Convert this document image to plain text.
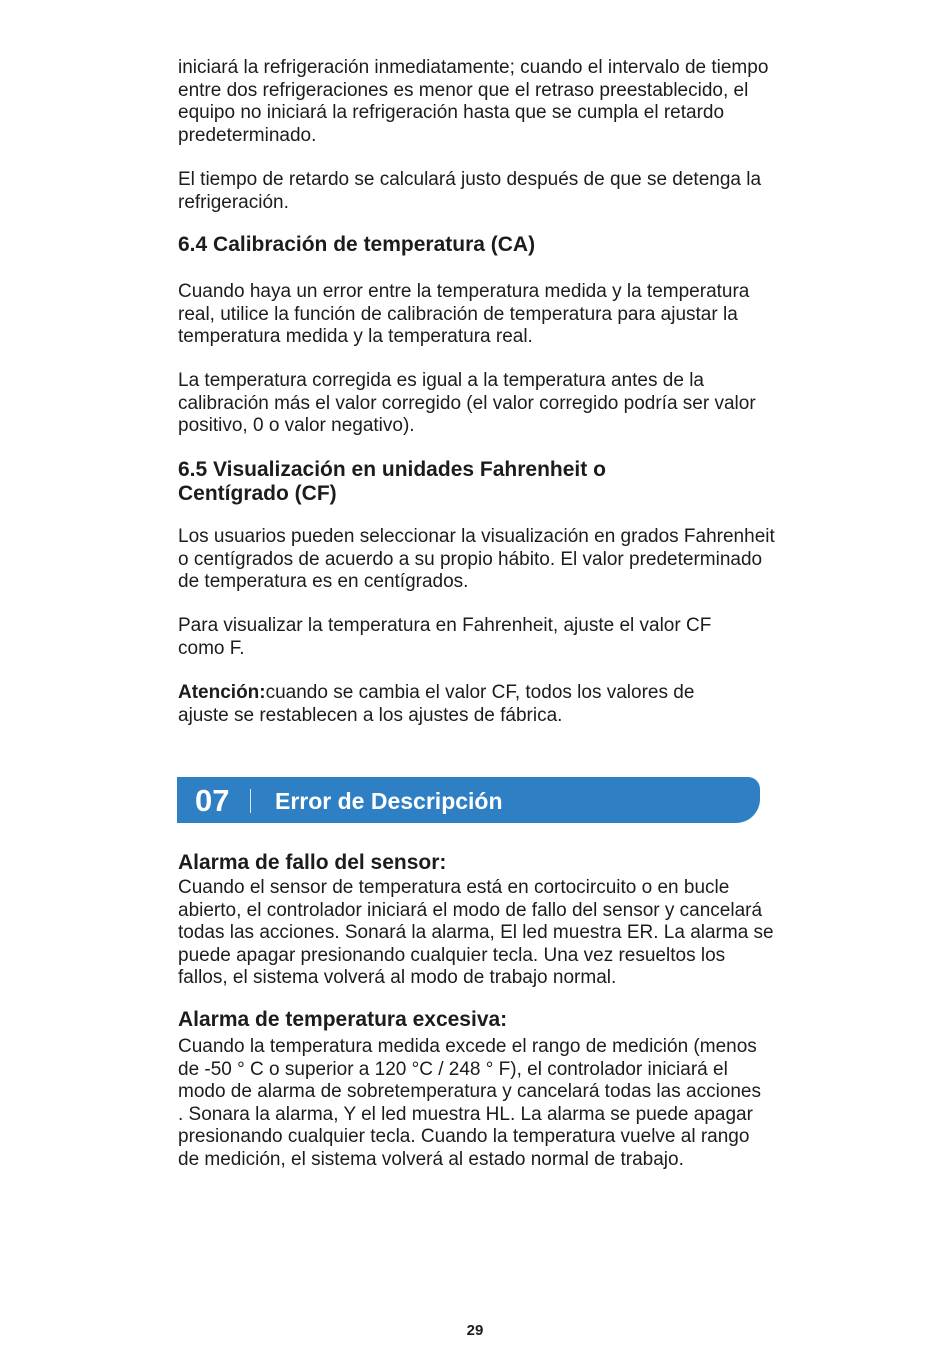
iniciará la refrigeración inmediatamente; cuando el intervalo de tiempo entre dos refrigeraciones es menor que el retraso preestablecido, el equipo no iniciará la refrigeración hasta que se cumpla el retardo predeterminado.

El tiempo de retardo se calculará justo después de que se detenga la refrigeración.

6.4 Calibración de temperatura (CA)

Cuando haya un error entre la temperatura medida y la temperatura real, utilice la función de calibración de temperatura para ajustar la temperatura medida y la temperatura real.

La temperatura corregida es igual a la temperatura antes de la calibración más el valor corregido (el valor corregido podría ser valor positivo, 0 o valor negativo).

6.5 Visualización en unidades Fahrenheit o Centígrado (CF)

Los usuarios pueden seleccionar la visualización en grados Fahrenheit o centígrados de acuerdo a su propio hábito. El valor predeterminado de temperatura es en centígrados.

Para visualizar la temperatura en Fahrenheit, ajuste el valor CF como F.

Atención:cuando se cambia el valor CF, todos los valores de ajuste se restablecen a los ajustes de fábrica.

07 Error de Descripción
Alarma de fallo del sensor:

Cuando el sensor de temperatura está en cortocircuito o en bucle abierto, el controlador iniciará el modo de fallo del sensor y cancelará todas las acciones. Sonará la alarma, El led muestra ER. La alarma se puede apagar presionando cualquier tecla. Una vez resueltos los fallos, el sistema volverá al modo de trabajo normal.

Alarma de temperatura excesiva:

Cuando la temperatura medida excede el rango de medición (menos de -50 ° C o superior a 120 °C / 248 ° F), el controlador iniciará el modo de alarma de sobretemperatura y cancelará todas las acciones . Sonara la alarma, Y el led muestra HL. La alarma se puede apagar presionando cualquier tecla. Cuando la temperatura vuelve al rango de medición, el sistema volverá al estado normal de trabajo.

29
